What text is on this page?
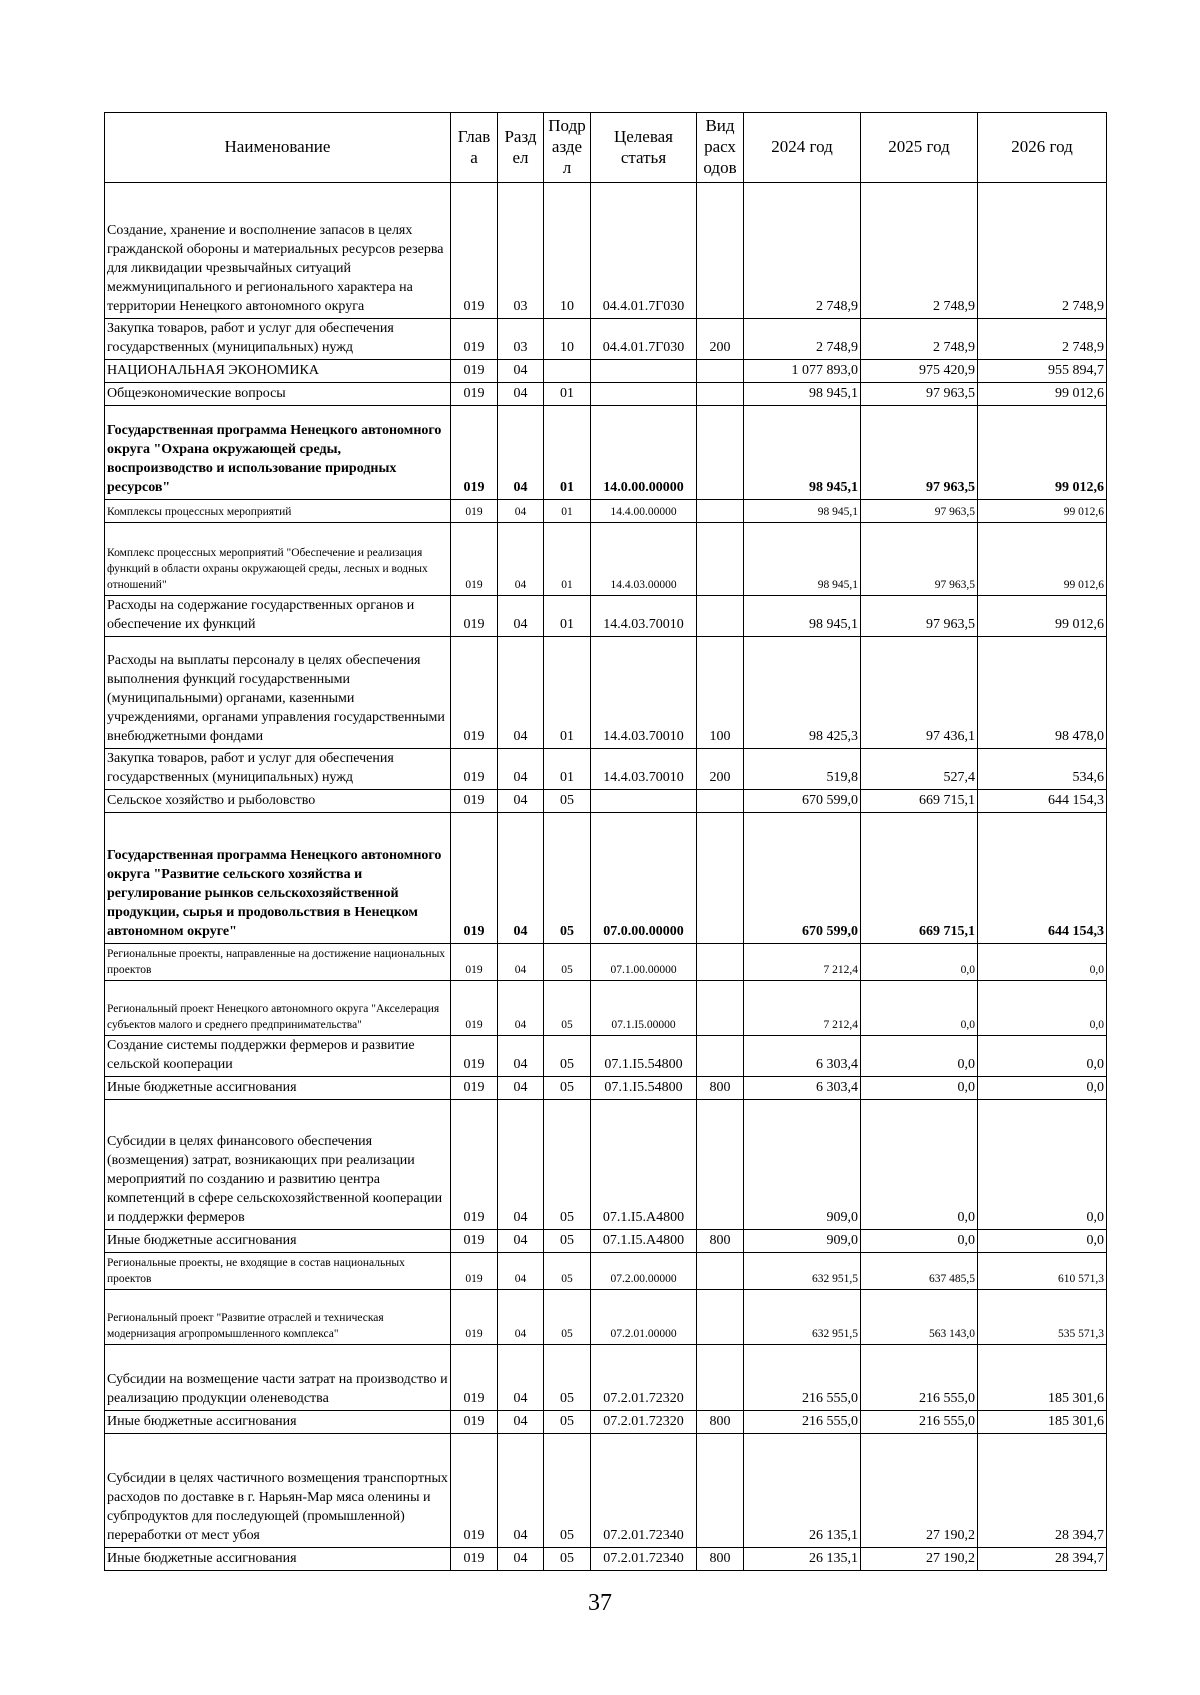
Наименование	Глав а	Разд ел	Подр азде л	Целевая статья	Вид расх одов	2024 год	2025 год	2026 год
Создание, хранение и восполнение запасов в целях гражданской обороны и материальных ресурсов резерва для ликвидации чрезвычайных ситуаций межмуниципального и регионального характера на территории Ненецкого автономного округа	019	03	10	04.4.01.7Г030		2 748,9	2 748,9	2 748,9
Закупка товаров, работ и услуг для обеспечения государственных (муниципальных) нужд	019	03	10	04.4.01.7Г030	200	2 748,9	2 748,9	2 748,9
НАЦИОНАЛЬНАЯ ЭКОНОМИКА	019	04				1 077 893,0	975 420,9	955 894,7
Общеэкономические вопросы	019	04	01			98 945,1	97 963,5	99 012,6
Государственная программа Ненецкого автономного округа "Охрана окружающей среды, воспроизводство и использование природных ресурсов"	019	04	01	14.0.00.00000		98 945,1	97 963,5	99 012,6
Комплексы процессных мероприятий	019	04	01	14.4.00.00000		98 945,1	97 963,5	99 012,6
Комплекс процессных мероприятий "Обеспечение и реализация функций в области охраны окружающей среды, лесных и водных отношений"	019	04	01	14.4.03.00000		98 945,1	97 963,5	99 012,6
Расходы на содержание государственных органов и обеспечение их функций	019	04	01	14.4.03.70010		98 945,1	97 963,5	99 012,6
Расходы на выплаты персоналу в целях обеспечения выполнения функций государственными (муниципальными) органами, казенными учреждениями, органами управления государственными внебюджетными фондами	019	04	01	14.4.03.70010	100	98 425,3	97 436,1	98 478,0
Закупка товаров, работ и услуг для обеспечения государственных (муниципальных) нужд	019	04	01	14.4.03.70010	200	519,8	527,4	534,6
Сельское хозяйство и рыболовство	019	04	05			670 599,0	669 715,1	644 154,3
Государственная программа Ненецкого автономного округа "Развитие сельского хозяйства и регулирование рынков сельскохозяйственной продукции, сырья и продовольствия в Ненецком автономном округе"	019	04	05	07.0.00.00000		670 599,0	669 715,1	644 154,3
Региональные проекты, направленные на достижение национальных проектов	019	04	05	07.1.00.00000		7 212,4	0,0	0,0
Региональный проект Ненецкого автономного округа "Акселерация субъектов малого и среднего предпринимательства"	019	04	05	07.1.I5.00000		7 212,4	0,0	0,0
Создание системы поддержки фермеров и развитие сельской кооперации	019	04	05	07.1.I5.54800		6 303,4	0,0	0,0
Иные бюджетные ассигнования	019	04	05	07.1.I5.54800	800	6 303,4	0,0	0,0
Субсидии в целях финансового обеспечения (возмещения) затрат, возникающих при реализации мероприятий по созданию и развитию центра компетенций в сфере сельскохозяйственной кооперации и поддержки фермеров	019	04	05	07.1.I5.А4800		909,0	0,0	0,0
Иные бюджетные ассигнования	019	04	05	07.1.I5.А4800	800	909,0	0,0	0,0
Региональные проекты, не входящие в состав национальных проектов	019	04	05	07.2.00.00000		632 951,5	637 485,5	610 571,3
Региональный проект "Развитие отраслей и техническая модернизация агропромышленного комплекса"	019	04	05	07.2.01.00000		632 951,5	563 143,0	535 571,3
Субсидии на возмещение части затрат на производство и реализацию продукции оленеводства	019	04	05	07.2.01.72320		216 555,0	216 555,0	185 301,6
Иные бюджетные ассигнования	019	04	05	07.2.01.72320	800	216 555,0	216 555,0	185 301,6
Субсидии в целях частичного возмещения транспортных расходов по доставке в г. Нарьян-Мар мяса оленины и субпродуктов для последующей (промышленной) переработки от мест убоя	019	04	05	07.2.01.72340		26 135,1	27 190,2	28 394,7
Иные бюджетные ассигнования	019	04	05	07.2.01.72340	800	26 135,1	27 190,2	28 394,7
37
